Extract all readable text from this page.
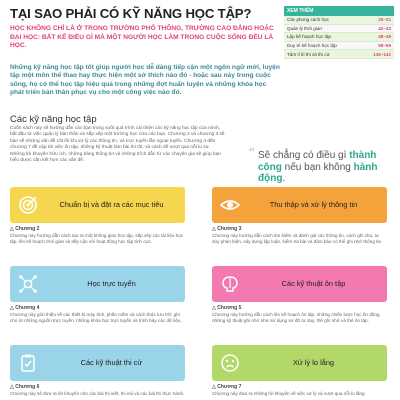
TẠI SAO PHẢI CÓ KỸ NĂNG HỌC TẬP?
HỌC KHÔNG CHỈ LÀ Ở TRONG TRƯỜNG PHỔ THÔNG, TRƯỜNG CAO ĐẲNG HOẶC ĐẠI HỌC: BẤT KỂ ĐIỀU GÌ MÀ MỘT NGƯỜI HỌC LÀM TRONG CUỘC SỐNG ĐỀU LÀ HỌC.
XEM THÊM
Các phong cách học	20–21
Quản lý thời gian	42–43
Lập kế hoạch học tập	48–49
Duy trì kế hoạch học tập	58–59
Tâm lí kì thi và thi cử	136–141
Những kỹ năng học tập tốt giúp người học dễ dàng tiếp cận một ngôn ngữ mới, luyện tập một môn thể thao hay thực hiện một sở thích nào đó - hoặc sau này trong cuộc sống, họ có thể học tập hiệu quả trong những đợt huấn luyện và những khóa học phát triển bản thân phục vụ cho một công việc nào đó.
Các kỹ năng học tập
Cuốn sách này sẽ hướng dẫn các bạn trong suốt quá trình cải thiện các kỹ năng học tập của mình, bắt đầu từ việc quản lý bản thân và sắp xếp một trường học cửa các bạn. Chương 2 và chương 3 sẽ bàn về những vấn đề cốt lõi khi xử lý các thông tin, và trực tuyến lẫn ngoại tuyến. Chương 4 đến chương 7 đề cập tới việc ôn tập, những kỹ thuật làm bài thi tốt, và cách để vượt qua nỗi lo sợ. Những lời khuyên hữu ích, những bảng thông tin và những trích dẫn từ các chuyên gia sẽ giúp bạn hiểu được cần kết hơn các vấn đề.	“ Sẽ chẳng có điều gì thành công nếu bạn không hành động.
Chuẩn bị và đặt ra các mục tiêu
△ Chương 2
Chương này hướng dẫn cách tạo ra một không gian học tập, sắp xếp các tài liệu học tập, lên kế hoạch thời gian và tiếp cận với hoạt động học tập tích cực.
Thu thập và xử lý thông tin
△ Chương 3
Chương này hướng dẫn cách tìm kiếm và đánh giá các thông tin, cách ghi chú, tư duy phản biện, xây dựng lập luận, kiểm tra bài và đảm bảo có thể ghi nhớ thông tin.
Học trực tuyến
△ Chương 4
Chương này giới thiệu về các thiết bị máy tính, phần mềm và cách thức lưu trữ; ghi chú từ những nguồn trực tuyến, những khóa học trực tuyến và trình bày các dữ liệu.
Các kỹ thuật ôn tập
△ Chương 5
Chương này hướng dẫn cách lên kế hoạch ôn tập, những chiến lược học ôn động, những kỹ thuật ghi nhớ như sử dụng sơ đồ tư duy, thẻ ghi nhớ và thẻ ôn tập.
Các kỹ thuật thi cử
△ Chương 6
Chương này sẽ đưa ra lời khuyên cho các bài thi viết, thi nói và các bài thi thực hành.
Xử lý lo lắng
△ Chương 7
Chương này đưa ra những lời khuyên về việc xử lý và vượt qua nỗi lo lắng.
